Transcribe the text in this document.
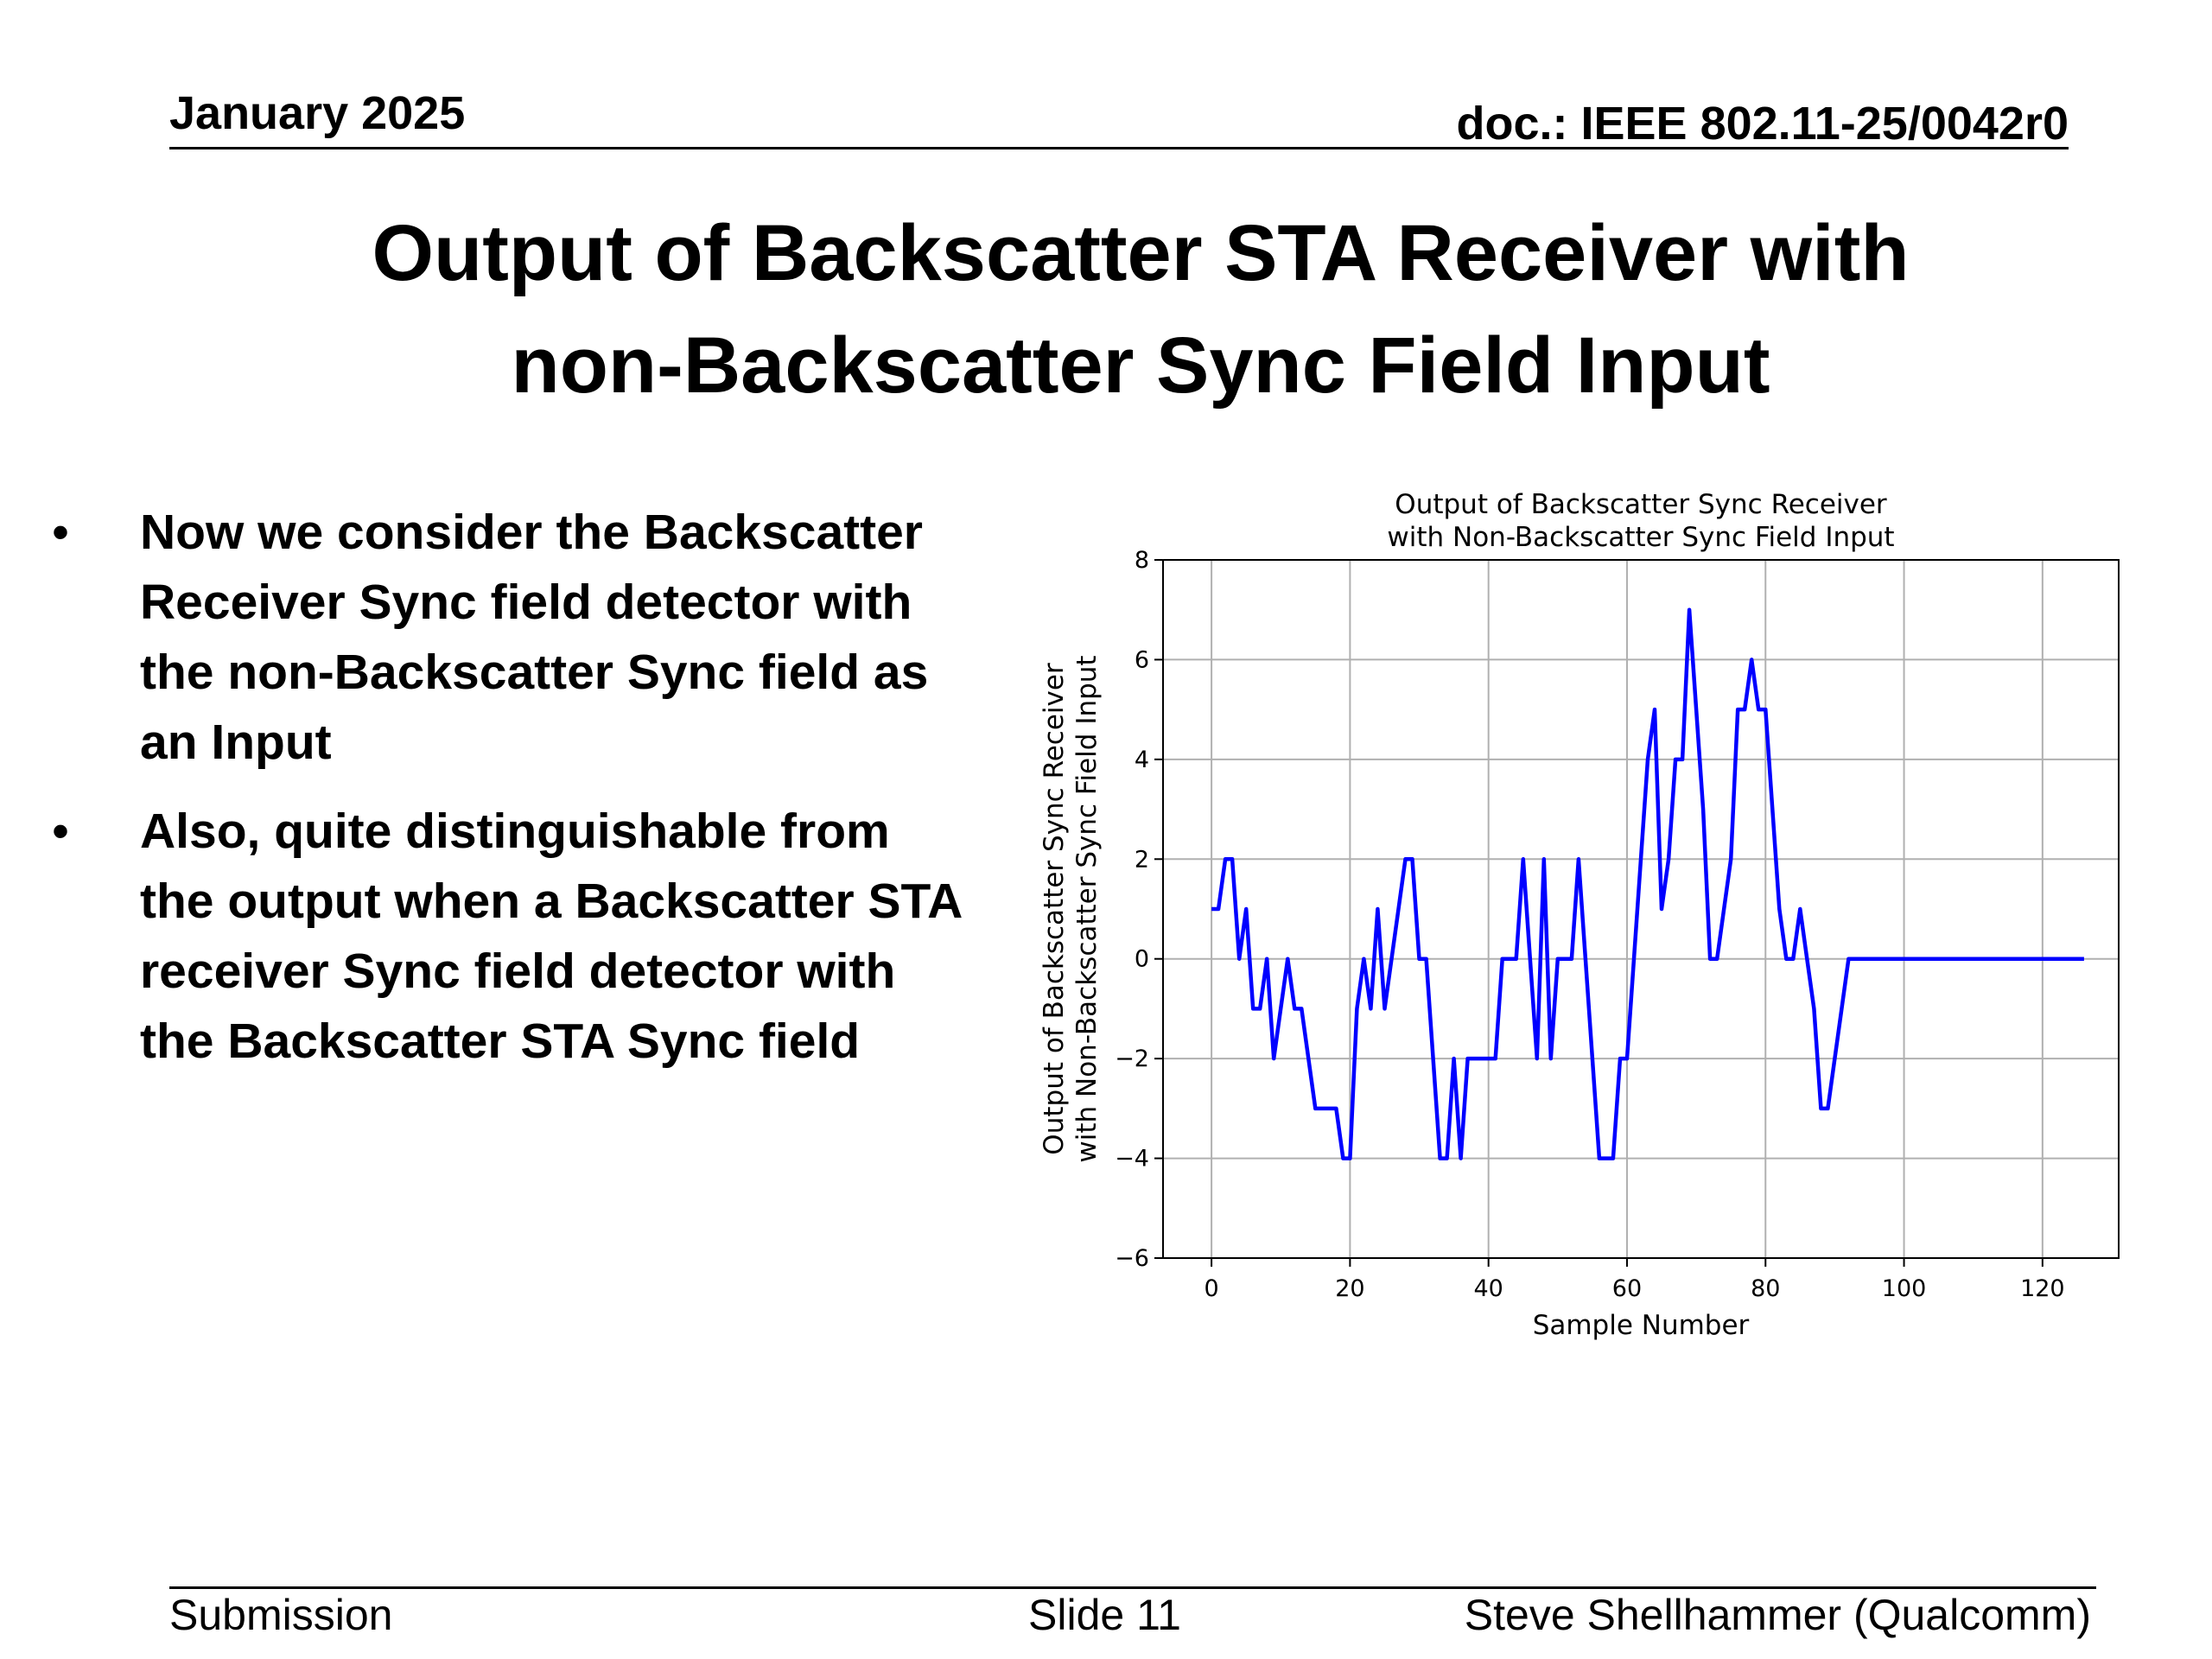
January 2025	doc.: IEEE 802.11-25/0042r0
Output of Backscatter STA Receiver with
non-Backscatter Sync Field Input
• Now we consider the Backscatter Receiver Sync field detector with the non-Backscatter Sync field as an Input
• Also, quite distinguishable from the output when a Backscatter STA receiver Sync field detector with the Backscatter STA Sync field
0	20	40	60	80	100	120
−6
−4
−2
0
2
4
6
8
Output of Backscatter Sync Receiver
with Non-Backscatter Sync Field Input
Sample Number
Output of Backscatter Sync Receiver with Non-Backscatter Sync Field Input
Submission	Slide 11	Steve Shellhammer (Qualcomm)
